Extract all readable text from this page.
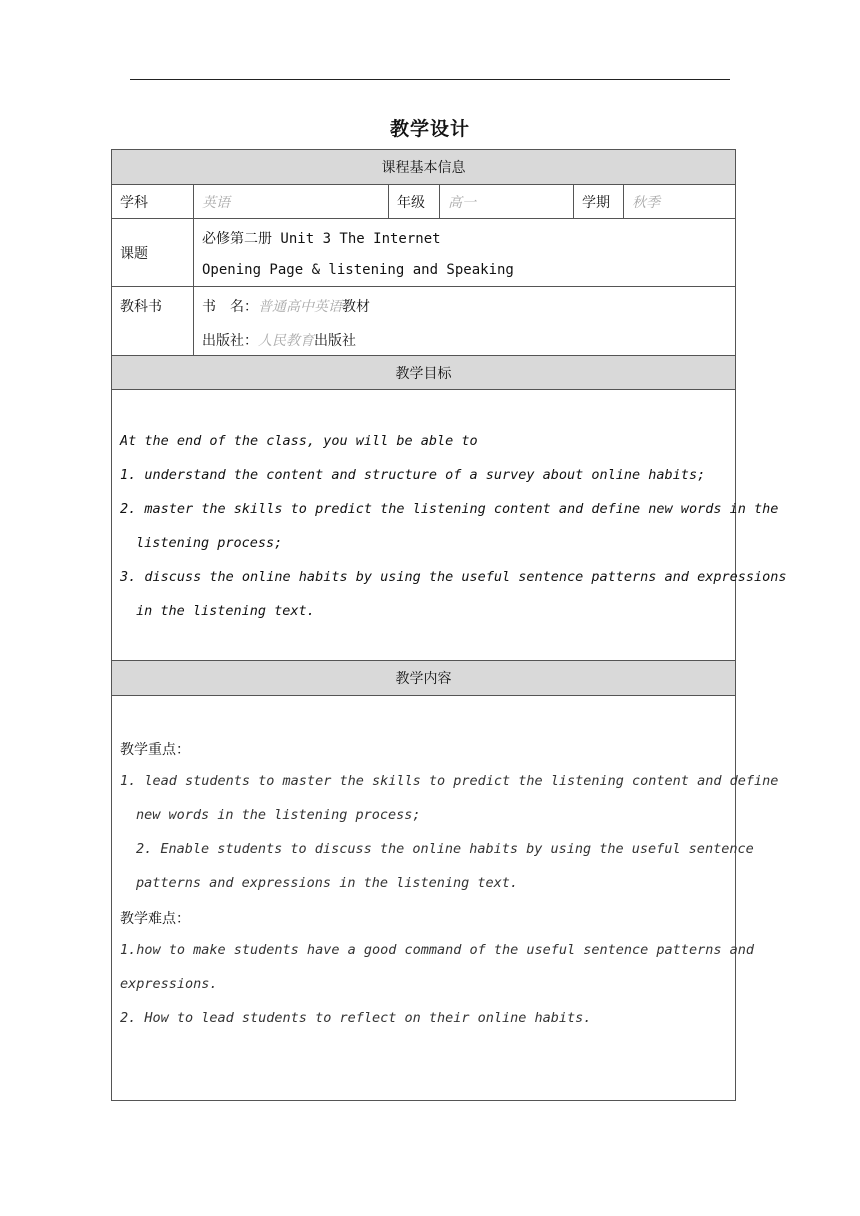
教学设计
课程基本信息
学科	英语	年级 高一	学期 秋季
课题
必修第二册 Unit 3 The Internet
Opening Page & listening and Speaking
教科书	书　名：普通高中英语教材
出版社：人民教育出版社
教学目标
At the end of the class, you will be able to
1. understand the content and structure of a survey about online habits;
2. master the skills to predict the listening content and define new words in the
listening process;
3. discuss the online habits by using the useful sentence patterns and expressions
in the listening text.
教学内容
教学重点：
1. lead students to master the skills to predict the listening content and define
new words in the listening process;
2. Enable students to discuss the online habits by using the useful sentence
patterns and expressions in the listening text.
教学难点：
1.how to make students have a good command of the useful sentence patterns and
expressions.
2. How to lead students to reflect on their online habits.
